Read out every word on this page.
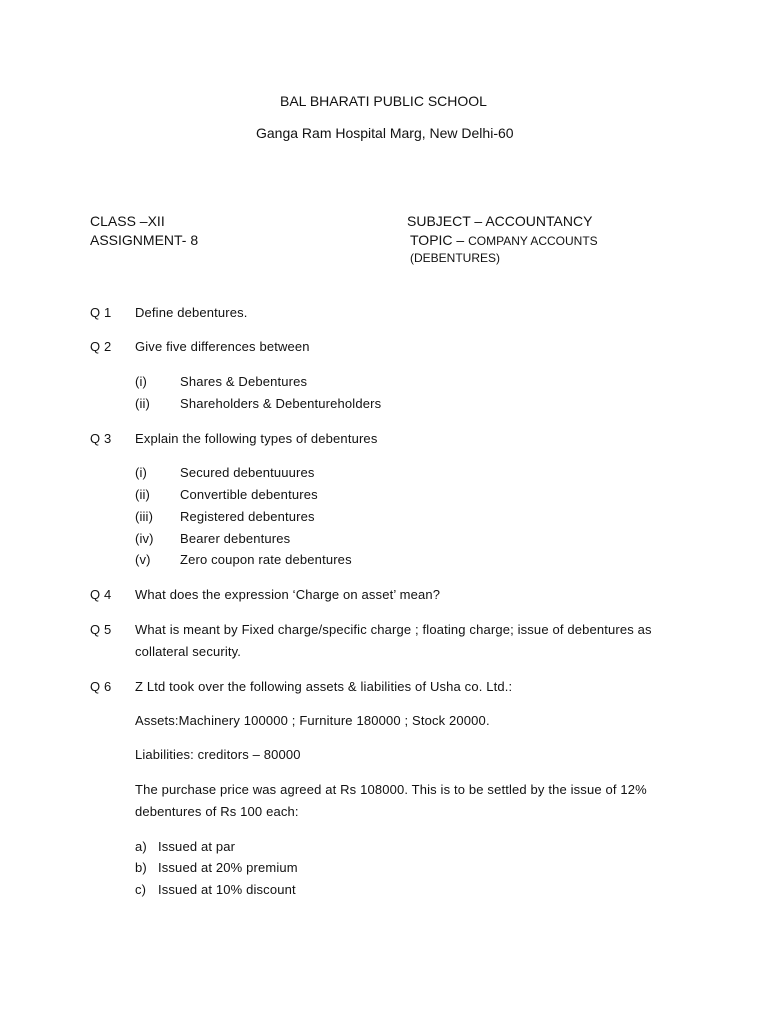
BAL BHARATI PUBLIC SCHOOL
Ganga Ram Hospital Marg, New Delhi-60
CLASS –XII
ASSIGNMENT- 8
SUBJECT – ACCOUNTANCY
TOPIC – COMPANY ACCOUNTS
(DEBENTURES)
Q 1 Define debentures.
Q 2 Give five differences between
(i)	Shares & Debentures
(ii) Shareholders & Debentureholders
Q 3 Explain the following types of debentures
(i)	Secured debentuuures
(ii) Convertible debentures
(iii) Registered debentures
(iv) Bearer debentures
(v) Zero coupon rate debentures
Q 4 What does the expression ‘Charge on asset’ mean?
Q 5 What is meant by Fixed charge/specific charge ; floating charge; issue of debentures as
collateral security.
Q 6 Z Ltd took over the following assets & liabilities of Usha co. Ltd.:
Assets:Machinery 100000 ; Furniture 180000 ; Stock 20000.
Liabilities: creditors – 80000
The purchase price was agreed at Rs 108000. This is to be settled by the issue of 12%
debentures of Rs 100 each:
a) Issued at par
b) Issued at 20% premium
c) Issued at 10% discount
